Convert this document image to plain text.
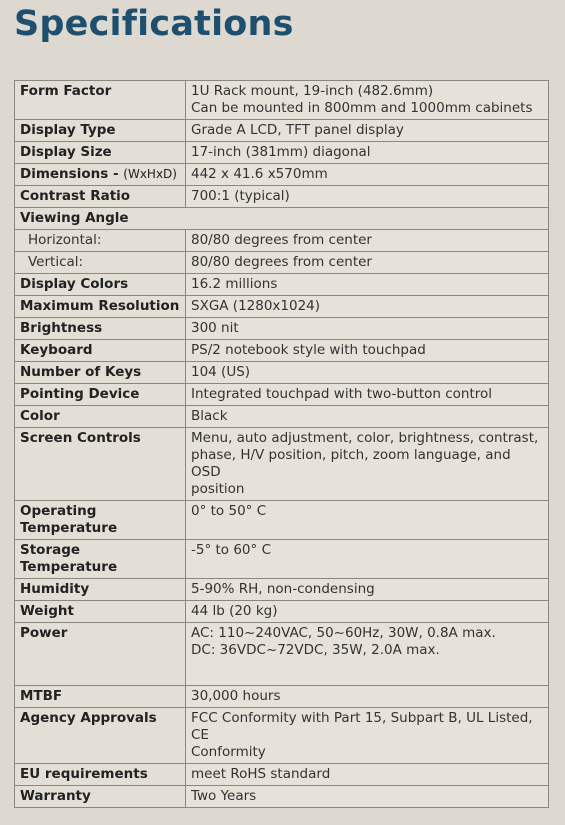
Specifications
Form Factor	1U Rack mount, 19-inch (482.6mm)
Can be mounted in 800mm and 1000mm cabinets

Display Type	Grade A LCD, TFT panel display
Display Size	17-inch (381mm) diagonal
Dimensions - (WxHxD)	442 x 41.6 x570mm
Contrast Ratio	700:1 (typical)
Viewing Angle	
Horizontal:	80/80 degrees from center
Vertical:	80/80 degrees from center
Display Colors	16.2 millions
Maximum Resolution	SXGA (1280x1024)
Brightness	300 nit
Keyboard	PS/2 notebook style with touchpad
Number of Keys	104 (US)
Pointing Device	Integrated touchpad with two-button control
Color	Black
Screen Controls	Menu, auto adjustment, color, brightness, contrast,
phase, H/V position, pitch, zoom language, and OSD
position

Operating Temperature	0° to 50° C
Storage Temperature	-5° to 60° C
Humidity	5-90% RH, non-condensing
Weight	44 lb (20 kg)
Power	AC: 110~240VAC, 50~60Hz, 30W, 0.8A max.
DC: 36VDC~72VDC, 35W, 2.0A max.

MTBF	30,000 hours
Agency Approvals	FCC Conformity with Part 15, Subpart B, UL Listed, CE
Conformity

EU requirements	meet RoHS standard
Warranty	Two Years
